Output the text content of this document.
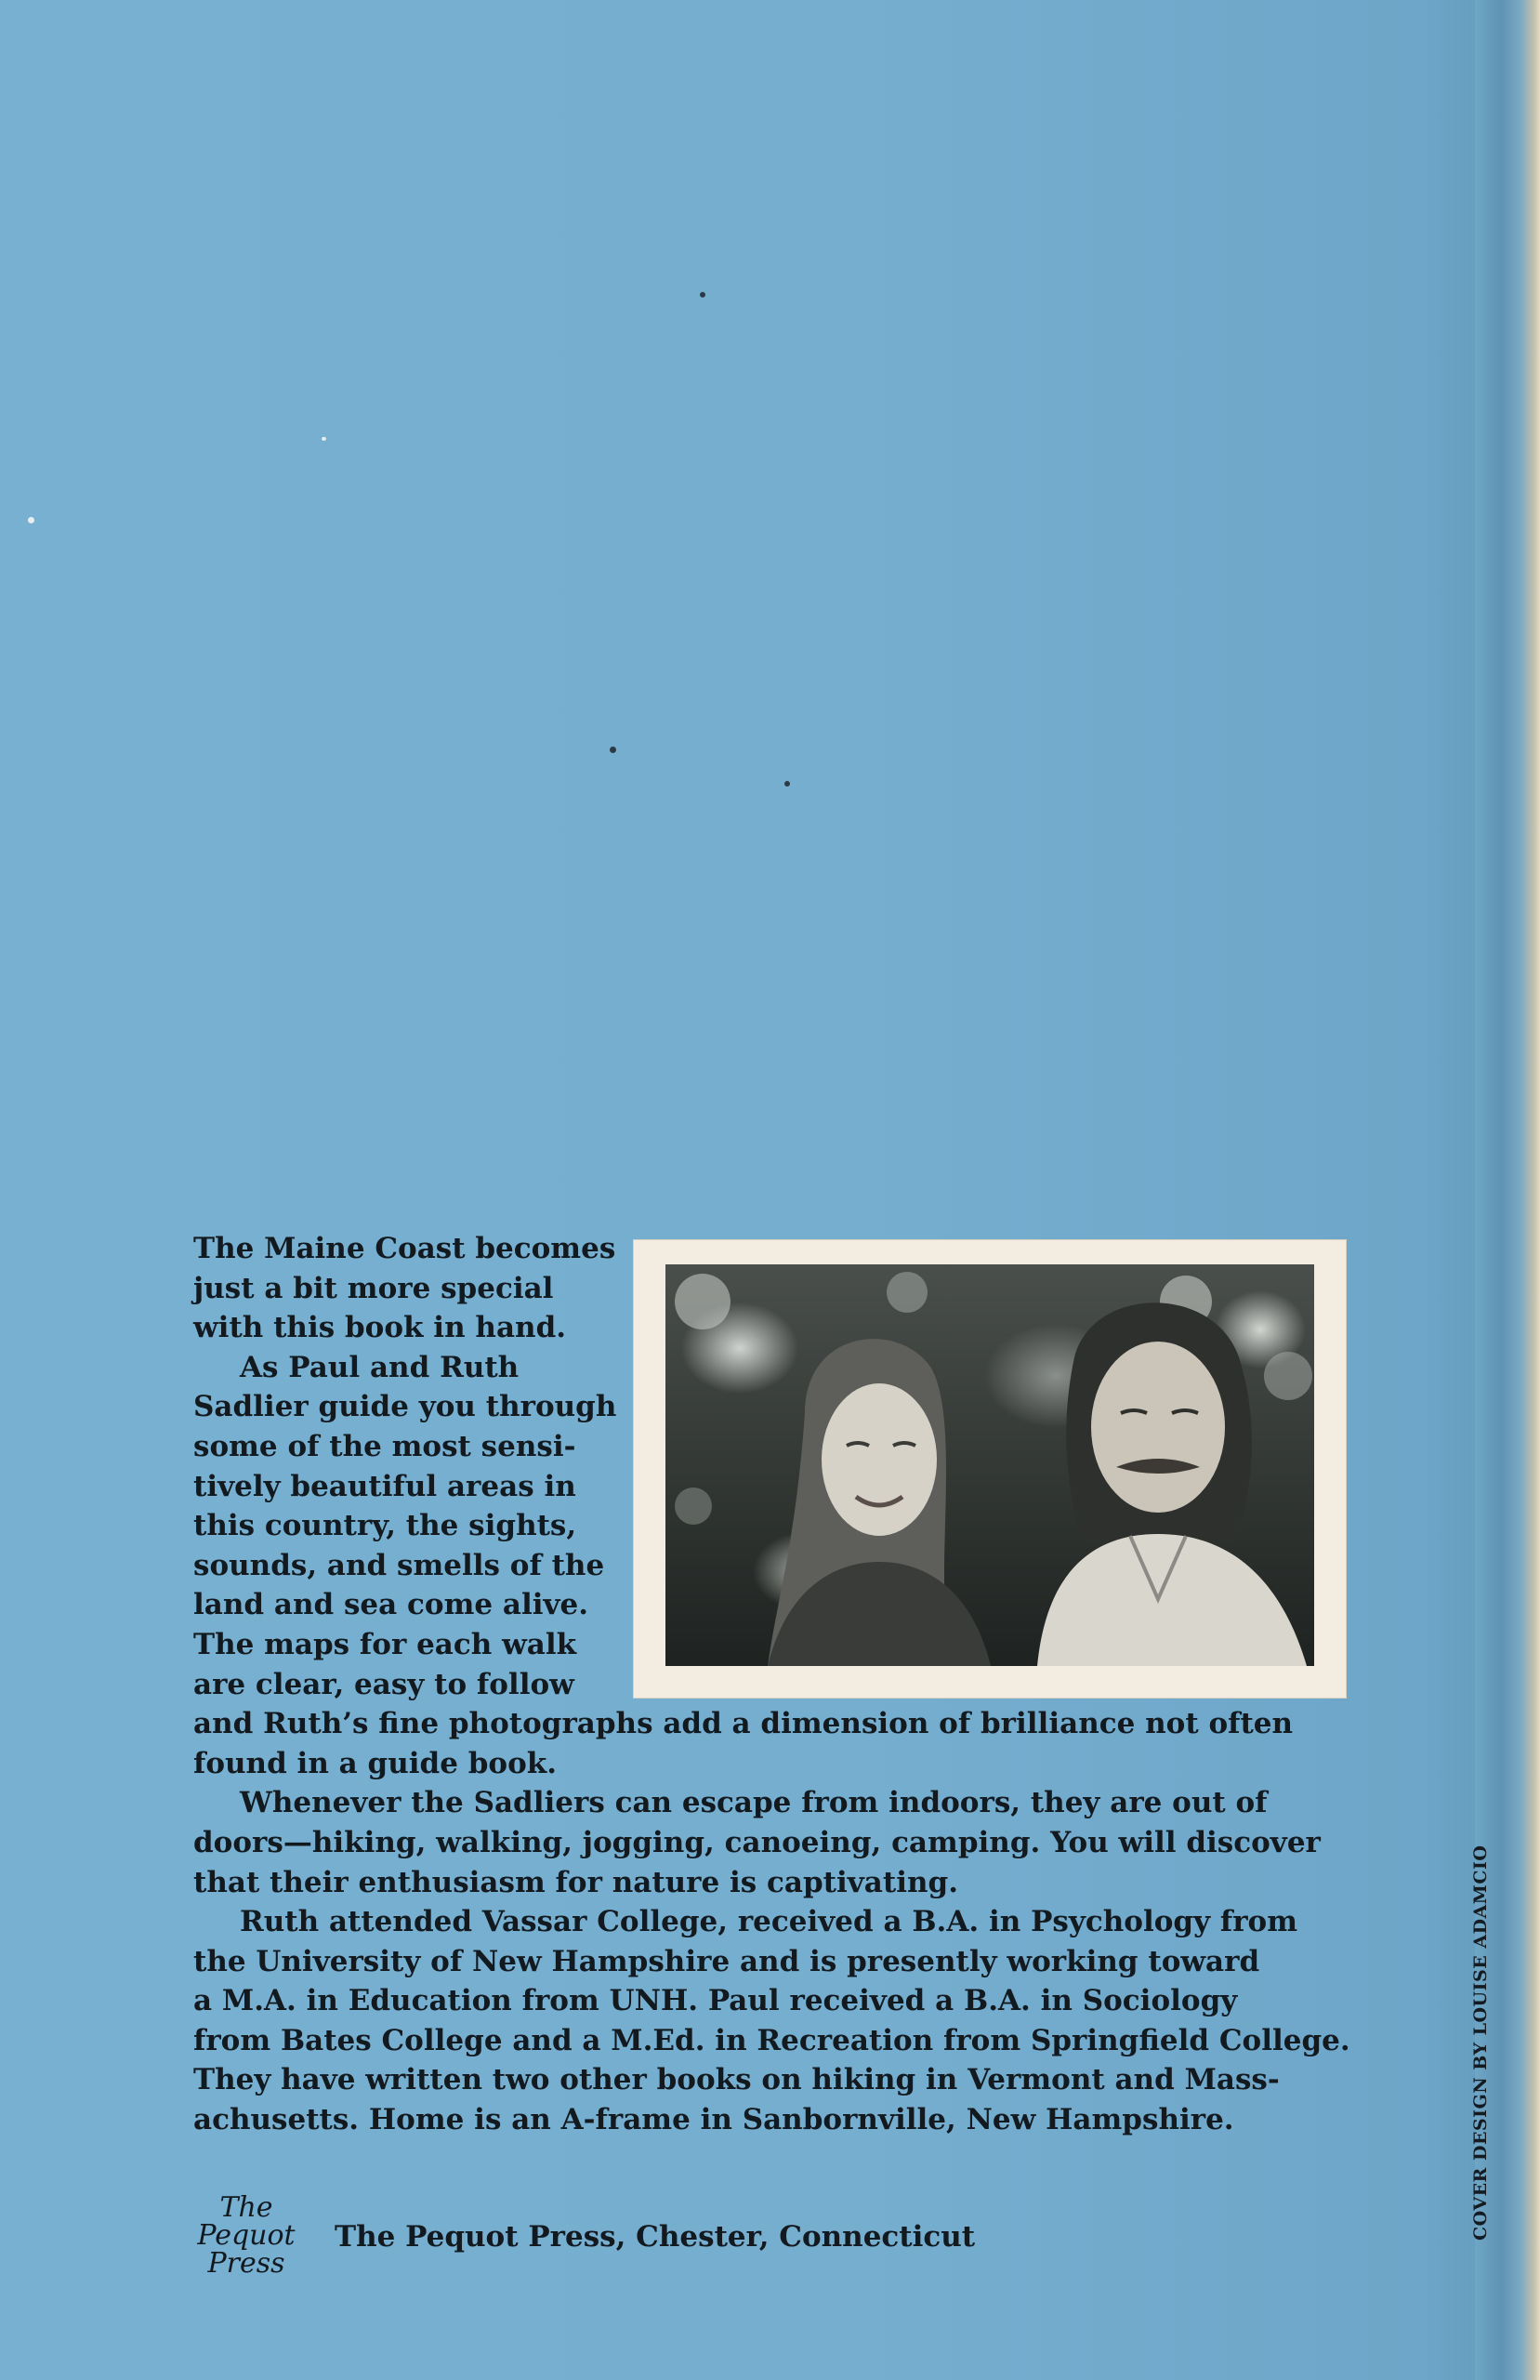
The Maine Coast becomes

just a bit more special

with this book in hand.

As Paul and Ruth

Sadlier guide you through

some of the most sensi-

tively beautiful areas in

this country, the sights,

sounds, and smells of the

land and sea come alive.

The maps for each walk

are clear, easy to follow

and Ruth’s fine photographs add a dimension of brilliance not often

found in a guide book.

Whenever the Sadliers can escape from indoors, they are out of

doors—hiking, walking, jogging, canoeing, camping. You will discover

that their enthusiasm for nature is captivating.

Ruth attended Vassar College, received a B.A. in Psychology from

the University of New Hampshire and is presently working toward

a M.A. in Education from UNH. Paul received a B.A. in Sociology

from Bates College and a M.Ed. in Recreation from Springfield College.

They have written two other books on hiking in Vermont and Mass-

achusetts. Home is an A-frame in Sanbornville, New Hampshire.

The
Pequot
Press
The Pequot Press, Chester, Connecticut	COVER DESIGN BY LOUISE ADAMCIO
